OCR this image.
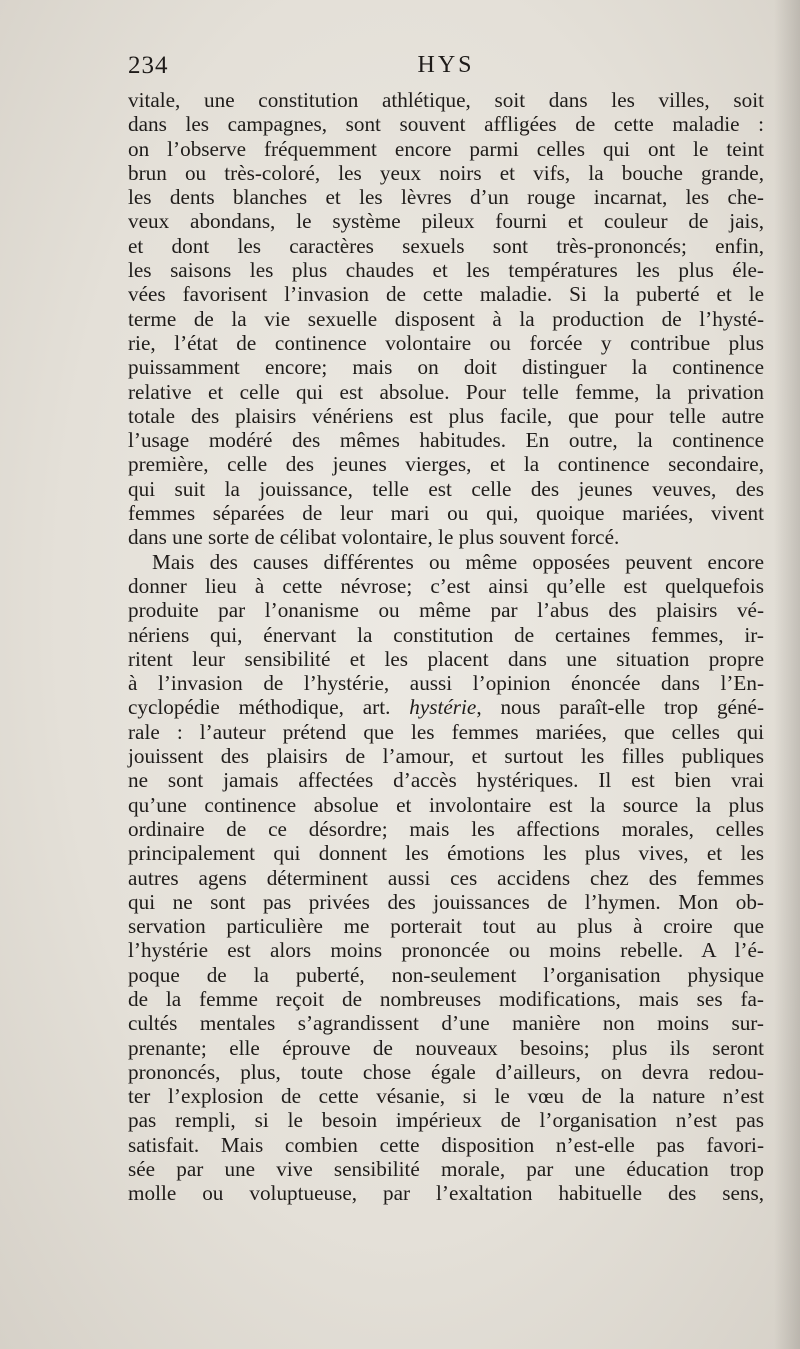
234	HYS
vitale, une constitution athlétique, soit dans les villes, soit
dans les campagnes, sont souvent affligées de cette maladie :
on l’observe fréquemment encore parmi celles qui ont le teint
brun ou très-coloré, les yeux noirs et vifs, la bouche grande,
les dents blanches et les lèvres d’un rouge incarnat, les che-
veux abondans, le système pileux fourni et couleur de jais,
et dont les caractères sexuels sont très-prononcés; enfin,
les saisons les plus chaudes et les températures les plus éle-
vées favorisent l’invasion de cette maladie. Si la puberté et le
terme de la vie sexuelle disposent à la production de l’hysté-
rie, l’état de continence volontaire ou forcée y contribue plus
puissamment encore; mais on doit distinguer la continence
relative et celle qui est absolue. Pour telle femme, la privation
totale des plaisirs vénériens est plus facile, que pour telle autre
l’usage modéré des mêmes habitudes. En outre, la continence
première, celle des jeunes vierges, et la continence secondaire,
qui suit la jouissance, telle est celle des jeunes veuves, des
femmes séparées de leur mari ou qui, quoique mariées, vivent
dans une sorte de célibat volontaire, le plus souvent forcé.
Mais des causes différentes ou même opposées peuvent encore
donner lieu à cette névrose; c’est ainsi qu’elle est quelquefois
produite par l’onanisme ou même par l’abus des plaisirs vé-
nériens qui, énervant la constitution de certaines femmes, ir-
ritent leur sensibilité et les placent dans une situation propre
à l’invasion de l’hystérie, aussi l’opinion énoncée dans l’En-
cyclopédie méthodique, art. hystérie, nous paraît-elle trop géné-
rale : l’auteur prétend que les femmes mariées, que celles qui
jouissent des plaisirs de l’amour, et surtout les filles publiques
ne sont jamais affectées d’accès hystériques. Il est bien vrai
qu’une continence absolue et involontaire est la source la plus
ordinaire de ce désordre; mais les affections morales, celles
principalement qui donnent les émotions les plus vives, et les
autres agens déterminent aussi ces accidens chez des femmes
qui ne sont pas privées des jouissances de l’hymen. Mon ob-
servation particulière me porterait tout au plus à croire que
l’hystérie est alors moins prononcée ou moins rebelle. A l’é-
poque de la puberté, non-seulement l’organisation physique
de la femme reçoit de nombreuses modifications, mais ses fa-
cultés mentales s’agrandissent d’une manière non moins sur-
prenante; elle éprouve de nouveaux besoins; plus ils seront
prononcés, plus, toute chose égale d’ailleurs, on devra redou-
ter l’explosion de cette vésanie, si le vœu de la nature n’est
pas rempli, si le besoin impérieux de l’organisation n’est pas
satisfait. Mais combien cette disposition n’est-elle pas favori-
sée par une vive sensibilité morale, par une éducation trop
molle ou voluptueuse, par l’exaltation habituelle des sens,
